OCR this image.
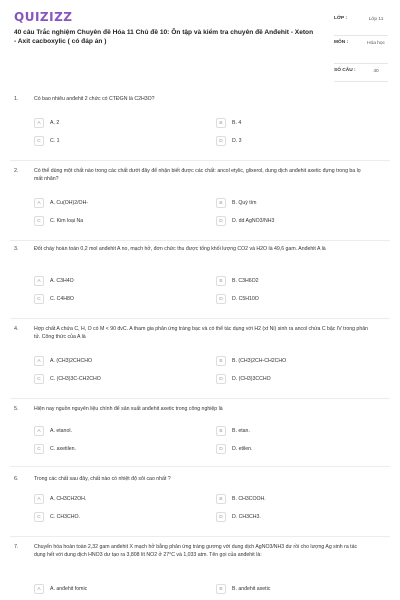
QUIZIZZ
40 câu Trắc nghiệm Chuyên đề Hóa 11 Chủ đề 10: Ôn tập và kiểm tra chuyên đề Anđehit - Xeton - Axit cacboxylic ( có đáp án )
LỚP :	Lớp 11
MÔN :	Hóa học
SỐ CÂU :	40
1.	Có bao nhiêu anđehit 2 chức có CTĐGN là C2H3O?
A	A. 2	B	B. 4
C	C. 1	D	D. 3
2.	Có thể dùng một chất nào trong các chất dưới đây để nhận biết được các chất: ancol etylic, glixerol, dung dịch anđehit axetic đựng trong ba lọ mất nhãn?
A	A. Cu(OH)2/OH-	B	B. Quỳ tím
C	C. Kim loại Na	D	D. dd AgNO3/NH3
3.	Đốt cháy hoàn toàn 0,2 mol anđehit A no, mạch hở, đơn chức thu được tổng khối lượng CO2 và H2O là 49,6 gam. Anđehit A là
A	A. C3H4O	B	B. C3H6O2
C	C. C4H8O	D	D. C5H10O
4.	Hợp chất A chứa C, H, O có M < 90 đvC. A tham gia phản ứng tráng bạc và có thể tác dụng với H2 (xt Ni) sinh ra ancol chứa C bậc IV trong phân tử. Công thức của A là
A	A. (CH3)2CHCHO	B	B. (CH3)2CH-CH2CHO
C	C. (CH3)3C-CH2CHO	D	D. (CH3)3CCHO
5.	Hiện nay nguồn nguyên liệu chính để sản xuất anđehit axetic trong công nghiệp là
A	A. etanol.	B	B. etan.
C	C. axetilen.	D	D. etilen.
6.	Trong các chất sau đây, chất nào có nhiệt độ sôi cao nhất ?
A	A. CH3CH2OH.	B	B. CH3COOH.
C	C. CH3CHO.	D	D. CH3CH3.
7.	Chuyển hóa hoàn toàn 2,32 gam anđehit X mạch hở bằng phản ứng tráng gương với dung dịch AgNO3/NH3 dư rồi cho lượng Ag sinh ra tác dụng hết với dung dịch HNO3 dư tạo ra 3,808 lít NO2 ở 27°C và 1,033 atm. Tên gọi của anđehit là:
A	A. anđehit fomic	B	B. anđehit axetic
